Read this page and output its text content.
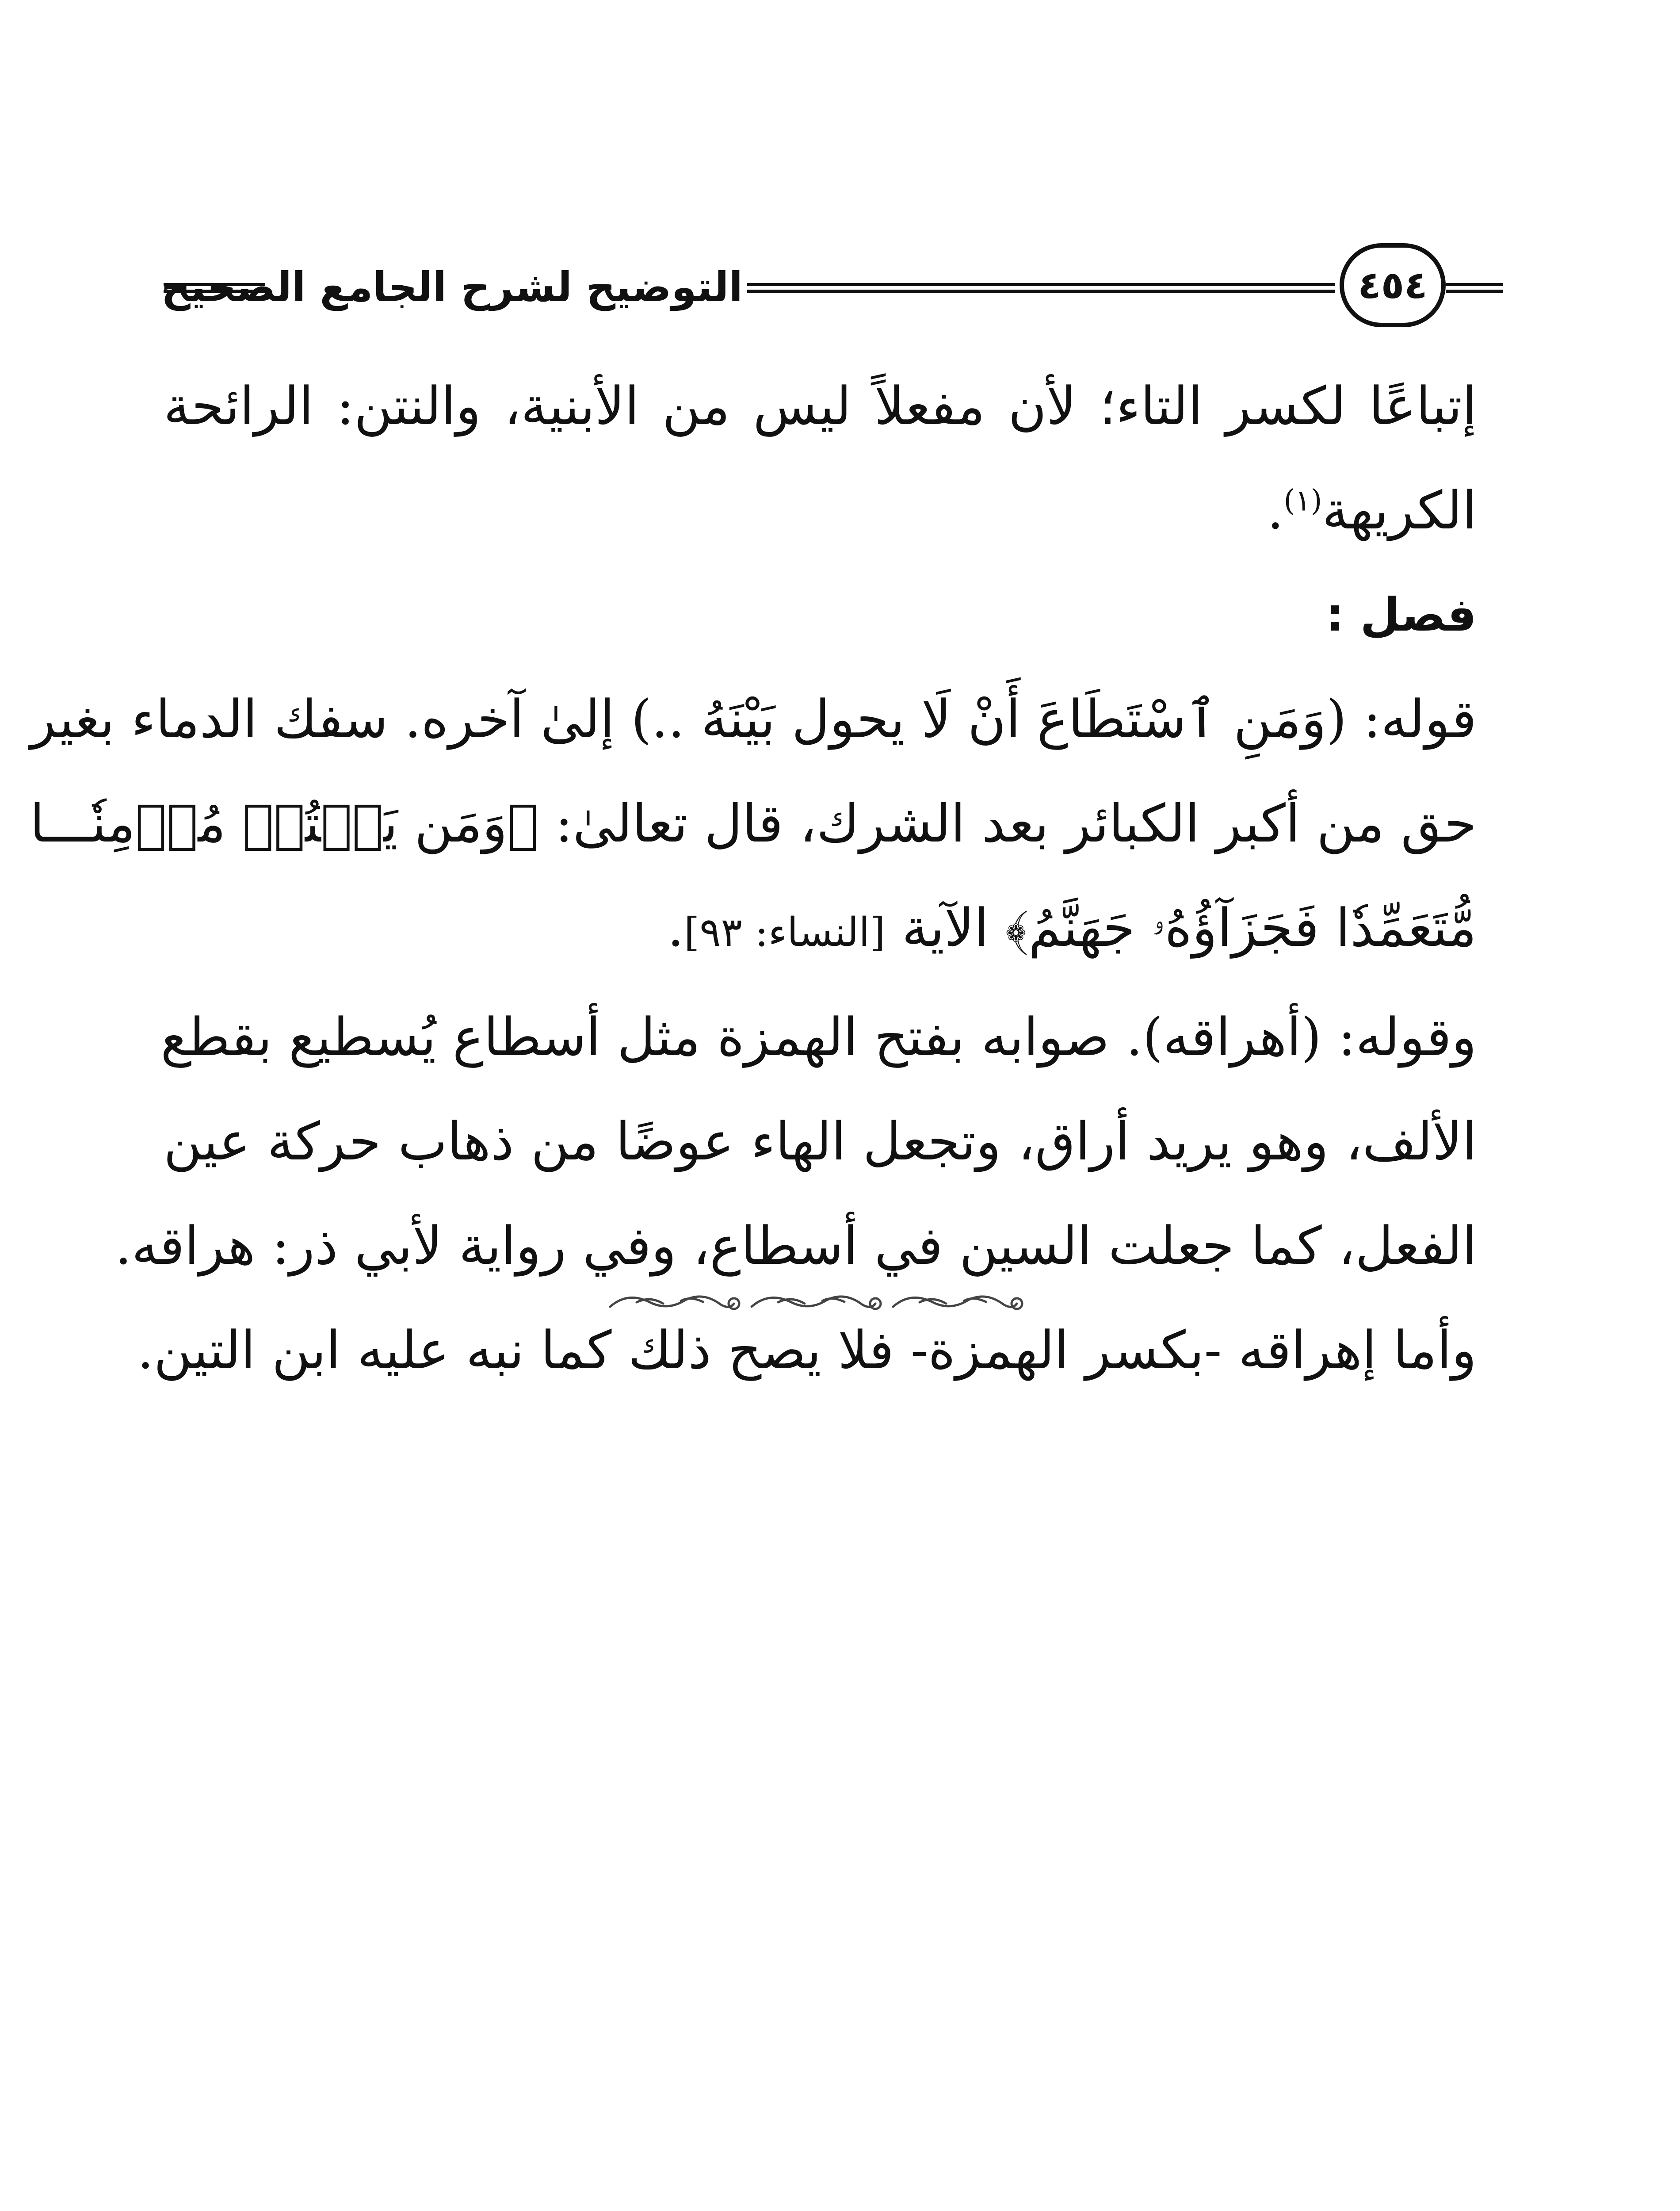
التوضيح لشرح الجامع الصحيح	٤٥٤

إتباعًا لكسر التاء؛ لأن مفعلاً ليس من الأبنية، والنتن: الرائحة
الكريهة$^{(١)}$.

فصل :

قوله: (وَمَنِ ٱسْتَطَاعَ أَنْ لَا يحول بَيْنَهُ ..) إلىٰ آخره. سفك الدماء بغير
حق من أكبر الكبائر بعد الشرك، قال تعالىٰ: ﴿وَمَن يَقۡتُلۡ مُؤۡمِنٗـــا
مُّتَعَمِّدٗا فَجَزَآؤُهُۥ جَهَنَّمُ﴾ الآية [النساء: ٩٣].

وقوله: (أهراقه). صوابه بفتح الهمزة مثل أسطاع يُسطيع بقطع
الألف، وهو يريد أراق، وتجعل الهاء عوضًا من ذهاب حركة عين
الفعل، كما جعلت السين في أسطاع، وفي رواية لأبي ذر: هراقه.
وأما إهراقه -بكسر الهمزة- فلا يصح ذلك كما نبه عليه ابن التين.
